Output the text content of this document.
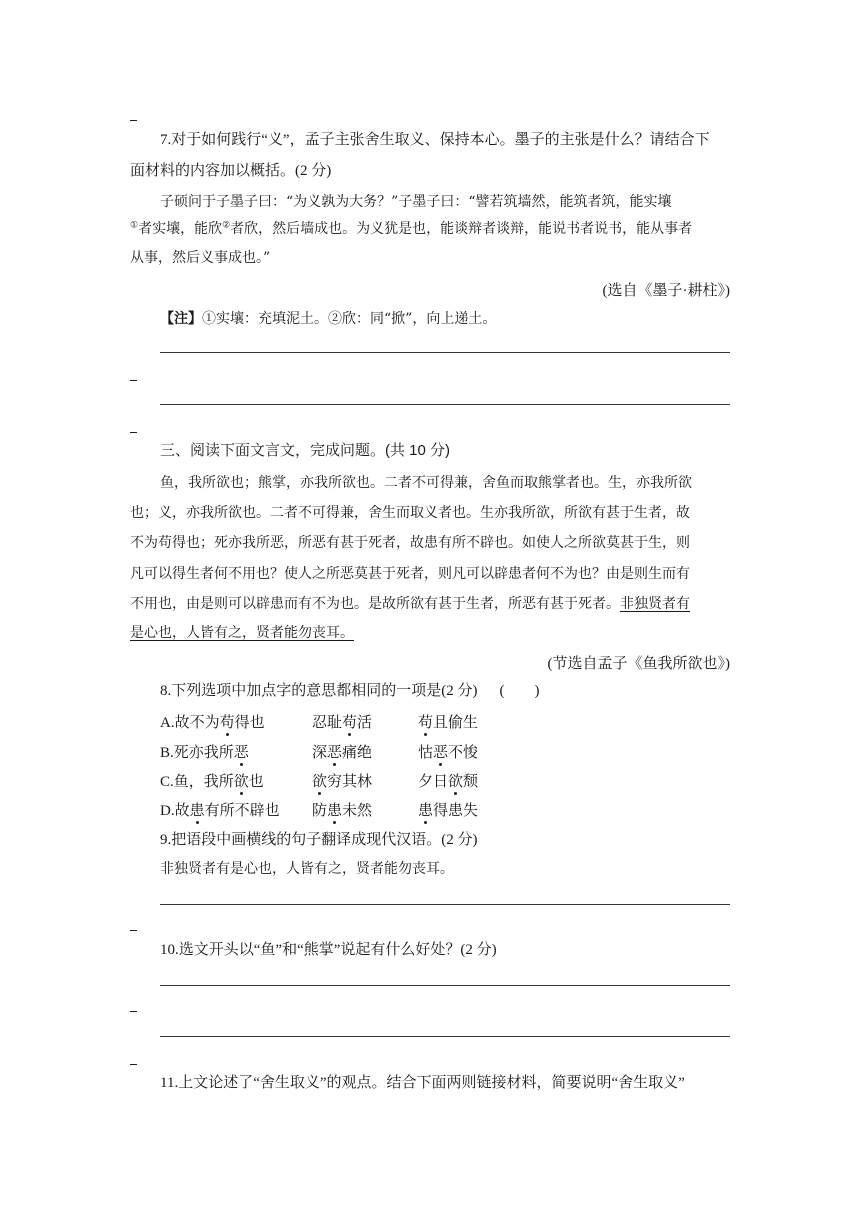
7.对于如何践行“义”，孟子主张舍生取义、保持本心。墨子的主张是什么？请结合下
面材料的内容加以概括。(2 分)
子硕问于子墨子曰：“为义孰为大务？”子墨子曰：“譬若筑墙然，能筑者筑，能实壤
①者实壤，能欣②者欣，然后墙成也。为义犹是也，能谈辩者谈辩，能说书者说书，能从事者
从事，然后义事成也。”
(选自《墨子·耕柱》)
【注】①实壤：充填泥土。②欣：同“掀”，向上递土。
三、阅读下面文言文，完成问题。(共 10 分)
鱼，我所欲也；熊掌，亦我所欲也。二者不可得兼，舍鱼而取熊掌者也。生，亦我所欲
也；义，亦我所欲也。二者不可得兼，舍生而取义者也。生亦我所欲，所欲有甚于生者，故
不为苟得也；死亦我所恶，所恶有甚于死者，故患有所不辟也。如使人之所欲莫甚于生，则
凡可以得生者何不用也？使人之所恶莫甚于死者，则凡可以辟患者何不为也？由是则生而有
不用也，由是则可以辟患而有不为也。是故所欲有甚于生者，所恶有甚于死者。非独贤者有
是心也，人皆有之，贤者能勿丧耳。
(节选自孟子《鱼我所欲也》)
8.下列选项中加点字的意思都相同的一项是(2 分) (　　)
A.故不为苟得也	忍耻苟活	苟且偷生
B.死亦我所恶	深恶痛绝	怙恶不悛
C.鱼，我所欲也	欲穷其林	夕日欲颓
D.故患有所不辟也 防患未然	患得患失
9.把语段中画横线的句子翻译成现代汉语。(2 分)
非独贤者有是心也，人皆有之，贤者能勿丧耳。
10.选文开头以“鱼”和“熊掌”说起有什么好处？(2 分)
11.上文论述了“舍生取义”的观点。结合下面两则链接材料，简要说明“舍生取义”
